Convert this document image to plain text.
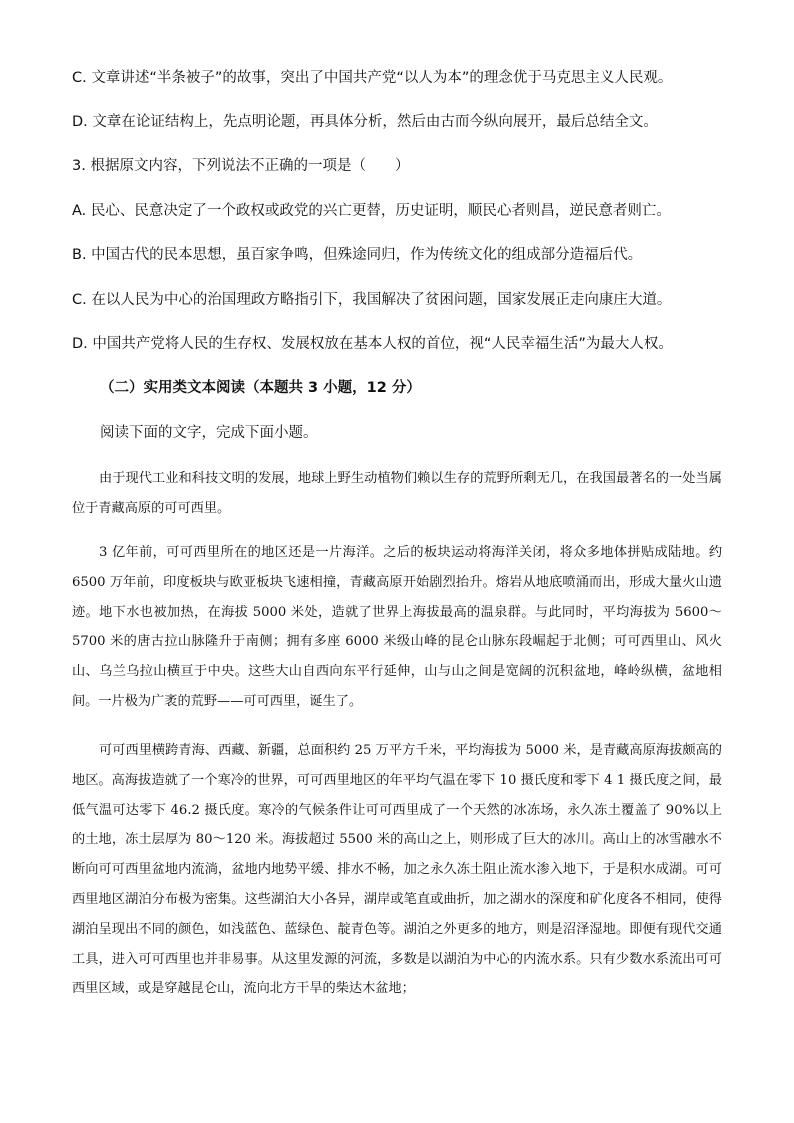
C. 文章讲述“半条被子”的故事，突出了中国共产党“以人为本”的理念优于马克思主义人民观。
D. 文章在论证结构上，先点明论题，再具体分析，然后由古而今纵向展开，最后总结全文。
3. 根据原文内容，下列说法不正确的一项是（　　）
A. 民心、民意决定了一个政权或政党的兴亡更替，历史证明，顺民心者则昌，逆民意者则亡。
B. 中国古代的民本思想，虽百家争鸣，但殊途同归，作为传统文化的组成部分造福后代。
C. 在以人民为中心的治国理政方略指引下，我国解决了贫困问题，国家发展正走向康庄大道。
D. 中国共产党将人民的生存权、发展权放在基本人权的首位，视“人民幸福生活”为最大人权。
（二）实用类文本阅读（本题共 3 小题，12 分）
阅读下面的文字，完成下面小题。

由于现代工业和科技文明的发展，地球上野生动植物们赖以生存的荒野所剩无几，在我国最著名的一处当属位于青藏高原的可可西里。

3 亿年前，可可西里所在的地区还是一片海洋。之后的板块运动将海洋关闭，将众多地体拼贴成陆地。约 6500 万年前，印度板块与欧亚板块飞速相撞，青藏高原开始剧烈抬升。熔岩从地底喷涌而出，形成大量火山遗迹。地下水也被加热，在海拔 5000 米处，造就了世界上海拔最高的温泉群。与此同时，平均海拔为 5600～5700 米的唐古拉山脉隆升于南侧；拥有多座 6000 米级山峰的昆仑山脉东段崛起于北侧；可可西里山、风火山、乌兰乌拉山横亘于中央。这些大山自西向东平行延伸，山与山之间是宽阔的沉积盆地，峰岭纵横，盆地相间。一片极为广袤的荒野——可可西里，诞生了。

可可西里横跨青海、西藏、新疆，总面积约 25 万平方千米，平均海拔为 5000 米，是青藏高原海拔颇高的地区。高海拔造就了一个寒冷的世界，可可西里地区的年平均气温在零下 10 摄氏度和零下 4 1 摄氏度之间，最低气温可达零下 46.2 摄氏度。寒冷的气候条件让可可西里成了一个天然的冰冻场，永久冻土覆盖了 90%以上的土地，冻土层厚为 80～120 米。海拔超过 5500 米的高山之上，则形成了巨大的冰川。高山上的冰雪融水不断向可可西里盆地内流淌，盆地内地势平缓、排水不畅，加之永久冻土阻止流水渗入地下，于是积水成湖。可可西里地区湖泊分布极为密集。这些湖泊大小各异，湖岸或笔直或曲折，加之湖水的深度和矿化度各不相同，使得湖泊呈现出不同的颜色，如浅蓝色、蓝绿色、靛青色等。湖泊之外更多的地方，则是沼泽湿地。即便有现代交通工具，进入可可西里也并非易事。从这里发源的河流，多数是以湖泊为中心的内流水系。只有少数水系流出可可西里区域，或是穿越昆仑山，流向北方干旱的柴达木盆地；
